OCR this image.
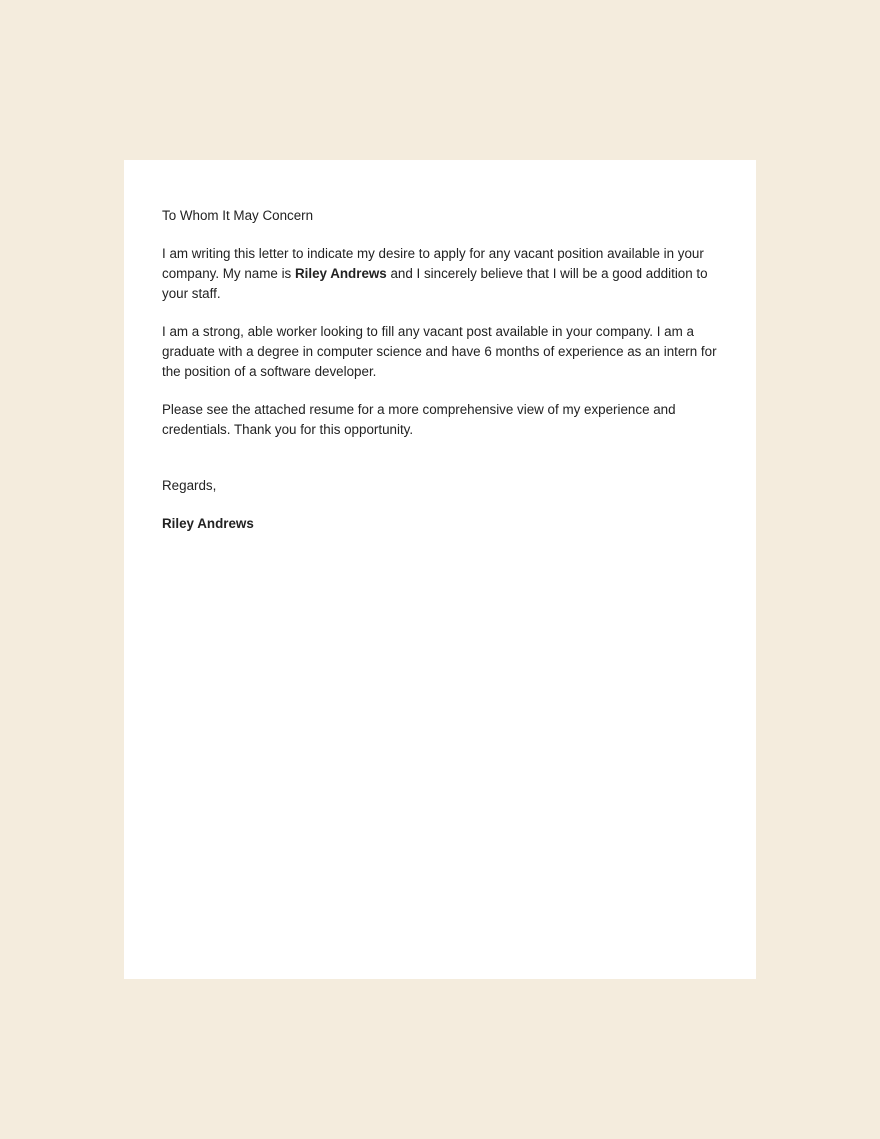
To Whom It May Concern

I am writing this letter to indicate my desire to apply for any vacant position available in your company. My name is Riley Andrews and I sincerely believe that I will be a good addition to your staff.

I am a strong, able worker looking to fill any vacant post available in your company. I am a graduate with a degree in computer science and have 6 months of experience as an intern for the position of a software developer.

Please see the attached resume for a more comprehensive view of my experience and credentials. Thank you for this opportunity.

Regards,

Riley Andrews
